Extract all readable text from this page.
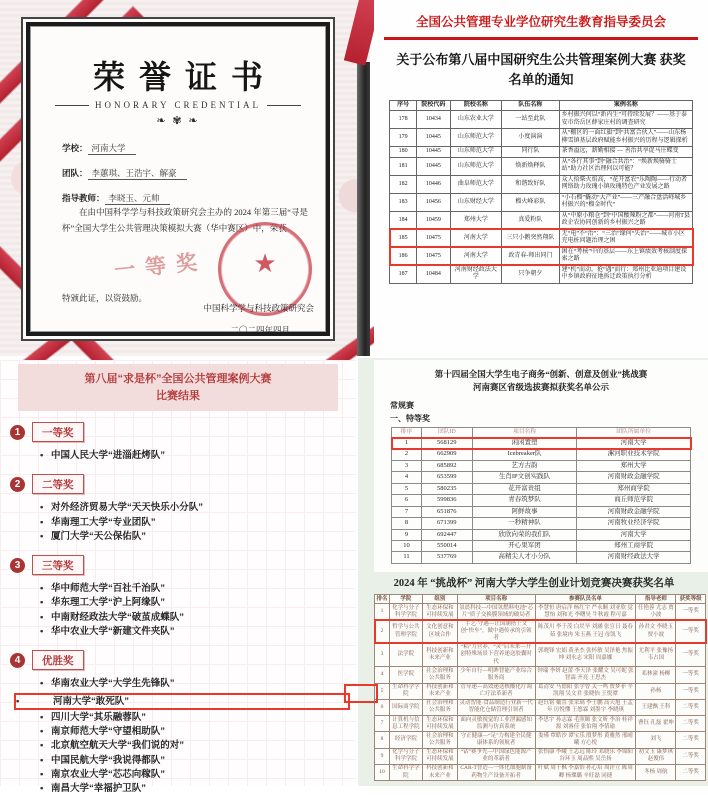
荣誉证书
HONORARY CREDENTIAL
❧ ✾ ❧
学校： 河南大学
团队： 李蕙琪、王浩宇、解豪
指导教师： 李晓玉、元帅

在由中国科学学与科技政策研究会主办的 2024 年第三届“寻是杯”全国大学生公共管理决策模拟大赛（华中赛区）中，荣获

一等奖
特颁此证，以资鼓励。
★
中国科学学与科技政策研究会
二〇二四年四月
全国公共管理专业学位研究生教育指导委员会
关于公布第八届中国研究生公共管理案例大赛 获奖名单的通知
序号	院校代码	院校名称	队伍名称	案例名称
178	10434	山东农业大学	一站至此队	乡村振兴何以“新内生”可持续发展？——基于泰安市岱岳区薛家庄村的调查研究
179	10445	山东师范大学	小度演演	从“棚区的一面红旗”到“共富合伙人”——山东杨柳雪镇基层政府赋能乡村振兴的历程与逻辑探析
180	10445	山东师范大学	同行队	茶香溢远，薪勤相接 — 善治共享促马庄蝶变
181	10445	山东师范大学	焕新焕释队	从“各行其事”到“融合共治”：“焕新焕骑骑士站”助力社区治理何以可能？
182	10446	曲阜师范大学	和谐致好队	众人拾柴火焰高，“花开富农”乐陶陶——行动者网络助力玫瑰小镇玫瑰特色产业发展之路
183	10456	山东财经大学	榴火峰彩队	“小石榴”撬动“大产业”——三产融合盘活峄城乡村振兴的“榴金时代”
184	10459	郑州大学	真爱粉队	从“中原小粮仓”到“中国酸辣粉之都”——河南T县政企农协同创新的乡村振兴之路
185	10475	河南大学	三只小鹅突然翔队	无“电”不“治”：“三治”缘何“失治”——城市小区充电桩问题治理之困
186	10475	河南大学	政青春-师出同门	困在“考核”中的基层——东上镇绩效考核制度探索之路
187	10484	河南财经政法大学	只争朝夕	建“机”而动，抢“遇”而行：郑州比亚迪项目建设中乡镇政府征地拆迁政策执行分析
第八届“求是杯”全国公共管理案例大赛
比赛结果
1	一等奖
• 中国人民大学“进淄赶烤队”
2	二等奖
• 对外经济贸易大学“天天快乐小分队”
• 华南理工大学“专业团队”
• 厦门大学“天公保佑队”
3	三等奖
• 华中师范大学“百社千治队”
• 华东理工大学“沪上阿缘队”
• 中南财经政法大学“破茧成蝶队”
• 华中农业大学“新建文件夹队”
4	优胜奖
• 华南农业大学“大学生先锋队”
• 河南大学“敢死队”
• 四川大学“其乐融蓉队”
• 南京师范大学“守望相助队”
• 北京航空航天大学“我们说的对”
• 中国民航大学“我说得都队”
• 南京农业大学“芯芯向稼队”
• 南昌大学“幸福护卫队”
第十四届全国大学生电子商务“创新、创意及创业”挑战赛
河南赛区省级选拔赛拟获奖名单公示
常规赛
一、特等奖
排序	团队ID	项目名称	团队所属单位
1	568129	闲闲置塑	河南大学
2	662909	Icebreaker队	漯河职业技术学院
3	685892	艺方古韵	郑州大学
4	653599	生肖IP文创实践队	河南财政金融学院
5	580235	花开富贵组	郑州商学院
6	599836	青春筑梦队	商丘师范学院
7	651876	阿鲜故事	河南财政金融学院
8	671399	一秒精神队	河南牧业经济学院
9	692447	欣欣向荣的我们队	河南大学
10	550014	开心果军团	郑州工商学院
11	537769	高精尖人才小分队	河南财经政法大学
2024 年 “挑战杯” 河南大学大学生创业计划竞赛决赛获奖名单
排名	学院	组别	项目名称	参赛队员名单	指导老师	获奖等级
1	化学与分子科学学院	生态环保和可持续发展	氢晨科技—中国氢燃料电池“芯片”质子交换膜领域的破局者	李慧恒 唐启洋 杨红宇 严永顺 刘亚欣 觉慧怡 刘和光 李曙昊 牛秋霞 程可嘉	任艳蓉 尤志 贾小波	一等奖
2	哲学与公共管理学院	文化创意和区域合作	手艺·守遇—让国潮搭上文创“快车”，做中遇传承的引领者	陈茂川 李千茂 白昃旱 刘涵 张宣日 聂春茹 张境冉 朱玉燕 王冠 母凯飞	孙君文 李晓玉 贾小波	一等奖
3	法学院	科技创新和未来产业	“粘”力营养，“灵”启未来—开创特殊场景下营养递送胶囊时代	郭晓锋 宏娟 黄圣杰 张怀敏 吴泽艳 焦振坤 刘永志 宋阳 周嘉娜	尤利平 张豫扬 韦占国	一等奖
4	医学院	社会治理和公共服务	少年自行—明眸智能产业综合服务商	钟瑞 李妍 赵蕾 李天泽 张耀文 吴可妮 张智霖 齐亮 王思杰	邓林潼 杨柳	一等奖
5	生命科学学院	科技创新和未来产业	管导递—高效递送核酸化疗凋亡疗法革新者	葛清安 马德阳 张学曾 关一鸣 贾梦菲 辛凯翔 吴文君 张晓怡 王悦潭	孙杨	一等奖
6	国际商学院	社会治理和公共服务	灵动智能·食品制造行业新一代智能化仓储管理引领者	赵钰铭 戴萱 张采璃 李士鹏 高天旭 王孟年 厉悦懂 王悠霖 刘墨宇 李晓琪	王建飘 王科	二等奖
7	计算机与信息工程学院	生态环保和可持续发展	面向灵敏视觉的工业泄漏感知监测与仿真系统	李思宇 孙志霖 毛照颐 张文昕 李治 桂祥源 刘睿佳 张伯翔 李倩瑜	曹钰 孔磊 翟坤	二等奖
8	经济学院	社会治理和公共服务	守正健康—“足”力构建全民健康体系的领航者	娄瑾 覃皓沙 谭宝乐 殷梦彤 黄雅然 邢晴曦 方心悦	刘飞	二等奖
9	化学与分子科学学院	生态环保和可持续发展	“钴”赛争先—中国绿色能源产业的革新者	张怡康 李曦 王志远 陈玲 邓晓乐 李锦阳 谷环玉 周品熙 吴岳扬	初文玉 康梦琪 赵俊伟	二等奖
10	生命科学学院	科技创新和未来产业	CAR-T智造—一体化细胞制备药物生产设备开拓者	叶斌 周千枫 李嘉怡 孙心培 周评立 陈周卿 杨璨璐 辛旺磊 同捷	冬杨 周航	二等奖
